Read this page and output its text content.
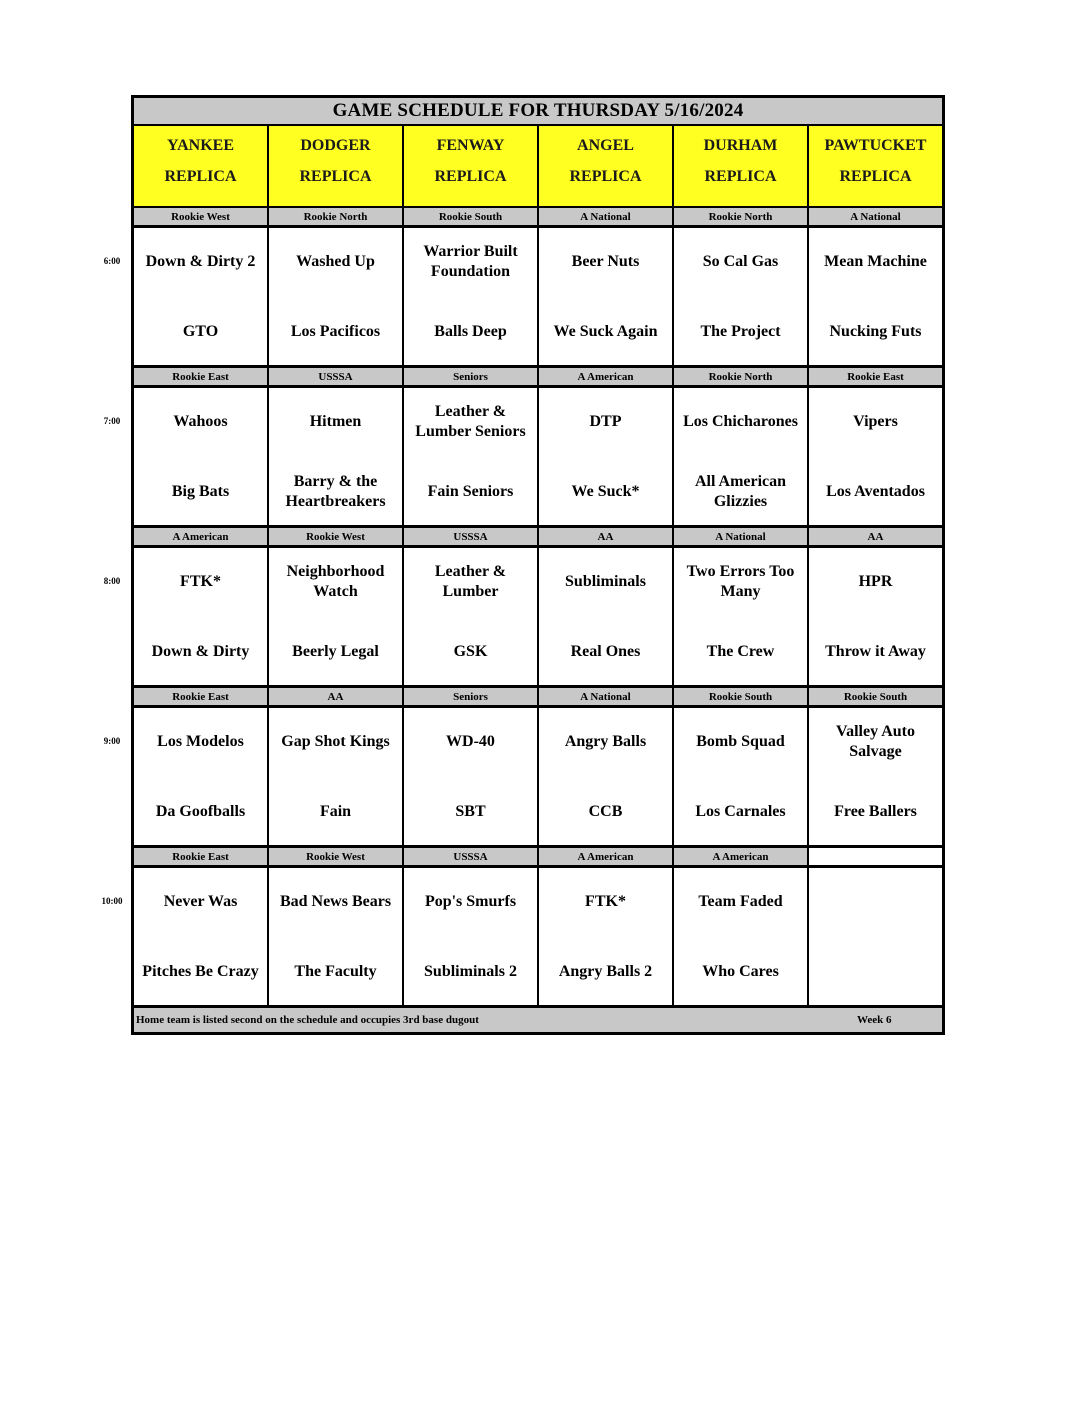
GAME SCHEDULE FOR THURSDAY 5/16/2024
YANKEE
REPLICA
DODGER
REPLICA
FENWAY
REPLICA
ANGEL
REPLICA
DURHAM
REPLICA
PAWTUCKET
REPLICA
Rookie West
Down & Dirty 2
GTO
Rookie North
Washed Up
Los Pacificos
Rookie South
Warrior Built Foundation
Balls Deep
A National
Beer Nuts
We Suck Again
Rookie North
So Cal Gas
The Project
A National
Mean Machine
Nucking Futs
Rookie East
Wahoos
Big Bats
USSSA
Hitmen
Barry & the Heartbreakers
Seniors
Leather & Lumber Seniors
Fain Seniors
A American
DTP
We Suck*
Rookie North
Los Chicharones
All American Glizzies
Rookie East
Vipers
Los Aventados
A American
FTK*
Down & Dirty
Rookie West
Neighborhood Watch
Beerly Legal
USSSA
Leather & Lumber
GSK
AA
Subliminals
Real Ones
A National
Two Errors Too Many
The Crew
AA
HPR
Throw it Away
Rookie East
Los Modelos
Da Goofballs
AA
Gap Shot Kings
Fain
Seniors
WD-40
SBT
A National
Angry Balls
CCB
Rookie South
Bomb Squad
Los Carnales
Rookie South
Valley Auto Salvage
Free Ballers
Rookie East
Never Was
Pitches Be Crazy
Rookie West
Bad News Bears
The Faculty
USSSA
Pop's Smurfs
Subliminals 2
A American
FTK*
Angry Balls 2
A American
Team Faded
Who Cares
Home team is listed second on the schedule and occupies 3rd base dugout	Week 6
6:00
7:00
8:00
9:00
10:00
